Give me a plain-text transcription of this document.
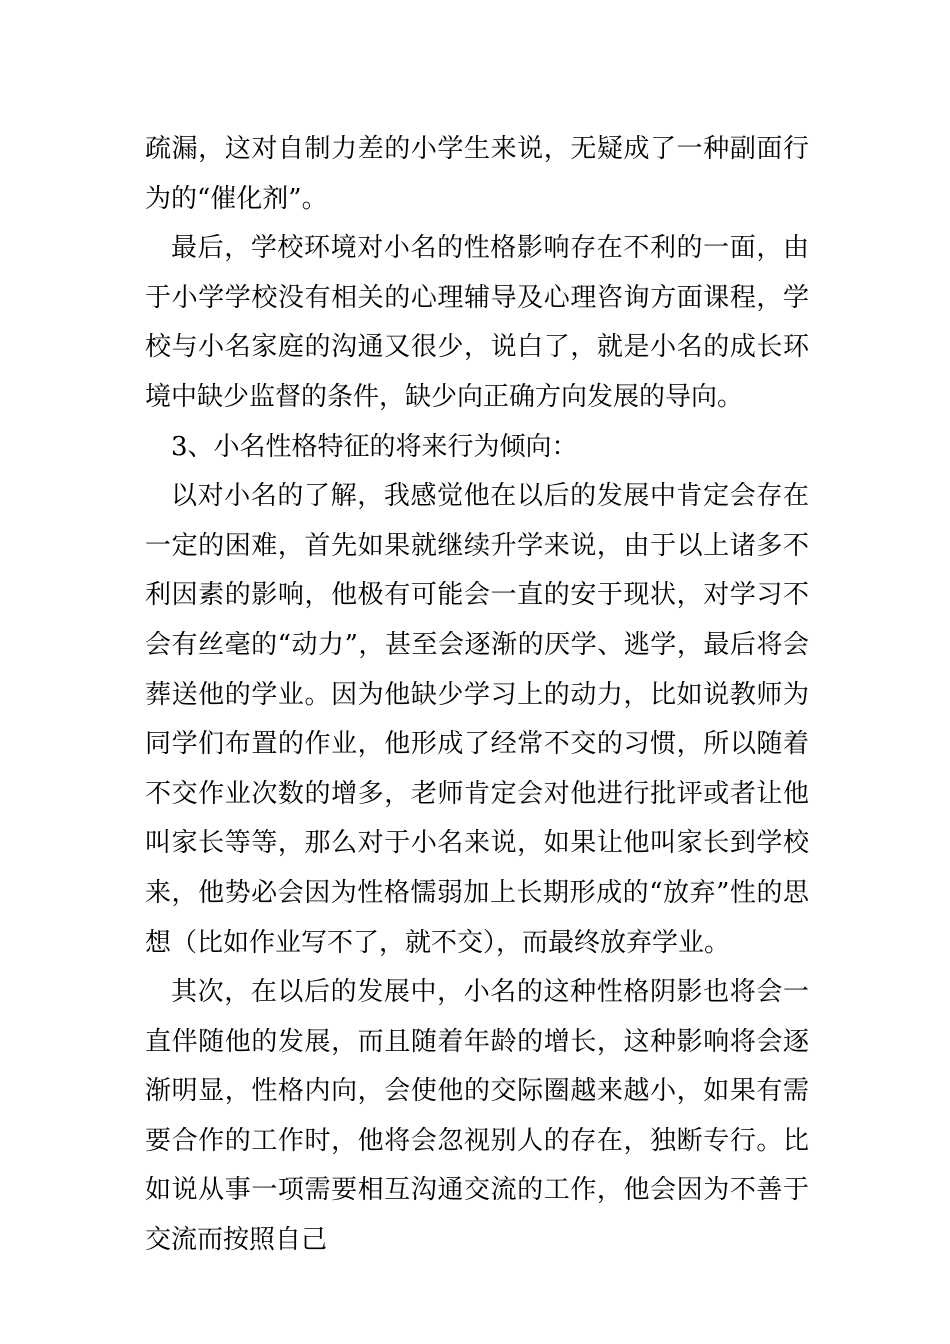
疏漏，这对自制力差的小学生来说，无疑成了一种副面行为的“催化剂”。

最后，学校环境对小名的性格影响存在不利的一面，由于小学学校没有相关的心理辅导及心理咨询方面课程，学校与小名家庭的沟通又很少，说白了，就是小名的成长环境中缺少监督的条件，缺少向正确方向发展的导向。

3、小名性格特征的将来行为倾向：

以对小名的了解，我感觉他在以后的发展中肯定会存在一定的困难，首先如果就继续升学来说，由于以上诸多不利因素的影响，他极有可能会一直的安于现状，对学习不会有丝毫的“动力”，甚至会逐渐的厌学、逃学，最后将会葬送他的学业。因为他缺少学习上的动力，比如说教师为同学们布置的作业，他形成了经常不交的习惯，所以随着不交作业次数的增多，老师肯定会对他进行批评或者让他叫家长等等，那么对于小名来说，如果让他叫家长到学校来，他势必会因为性格懦弱加上长期形成的“放弃”性的思想（比如作业写不了，就不交），而最终放弃学业。

其次，在以后的发展中，小名的这种性格阴影也将会一直伴随他的发展，而且随着年龄的增长，这种影响将会逐渐明显，性格内向，会使他的交际圈越来越小，如果有需要合作的工作时，他将会忽视别人的存在，独断专行。比如说从事一项需要相互沟通交流的工作，他会因为不善于交流而按照自己
